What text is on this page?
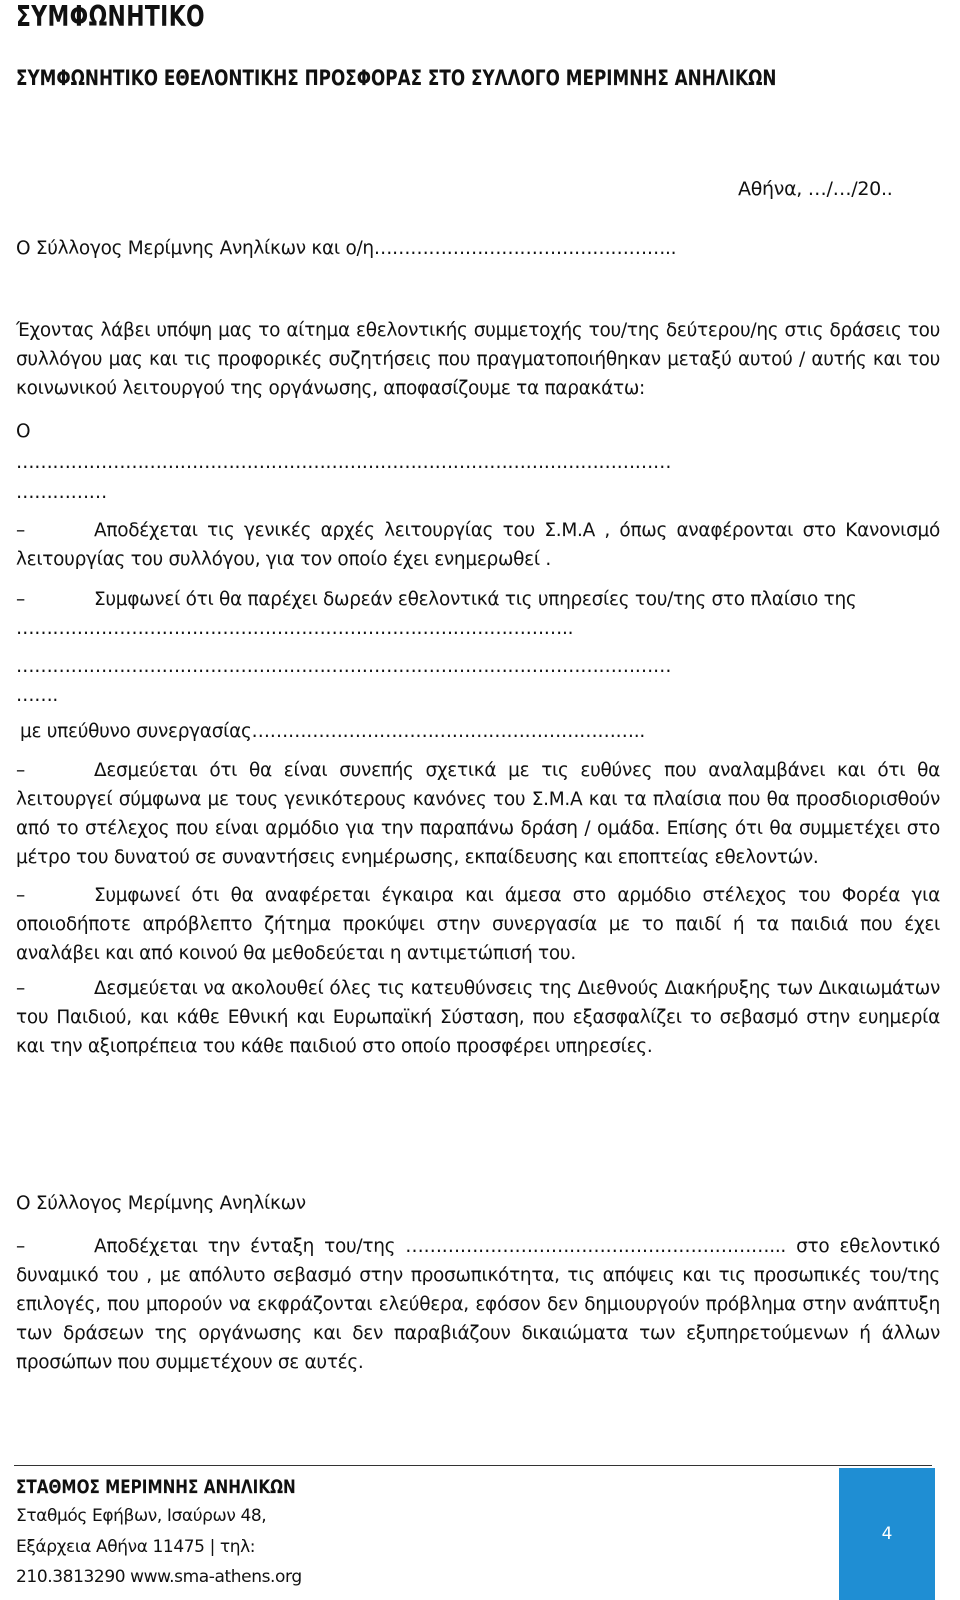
ΣΥΜΦΩΝΗΤΙΚΟ
ΣΥΜΦΩΝΗΤΙΚΟ ΕΘΕΛΟΝΤΙΚΗΣ ΠΡΟΣΦΟΡΑΣ ΣΤΟ ΣΥΛΛΟΓΟ ΜΕΡΙΜΝΗΣ ΑΝΗΛΙΚΩΝ
Αθήνα, …/…/20..

Ο Σύλλογος Μερίμνης Ανηλίκων και ο/η…………………………………………..

Έχοντας λάβει υπόψη μας το αίτημα εθελοντικής συμμετοχής του/της δεύτερου/ης στις δράσεις του συλλόγου μας και τις προφορικές συζητήσεις που πραγματοποιήθηκαν μεταξύ αυτού / αυτής και του κοινωνικού λειτουργού της οργάνωσης, αποφασίζουμε τα παρακάτω:

Ο

………………………………………………………………………………………………

……………

–	Αποδέχεται τις γενικές αρχές λειτουργίας του Σ.Μ.Α , όπως αναφέρονται στο Κανονισμό λειτουργίας του συλλόγου, για τον οποίο έχει ενημερωθεί .

–	Συμφωνεί ότι θα παρέχει δωρεάν εθελοντικά τις υπηρεσίες του/της στο πλαίσιο της

………………………………………………………………………………..

………………………………………………………………………………………………

…….

με υπεύθυνο συνεργασίας………………………………………………………..

–	Δεσμεύεται ότι θα είναι συνεπής σχετικά με τις ευθύνες που αναλαμβάνει και ότι θα λειτουργεί σύμφωνα με τους γενικότερους κανόνες του Σ.Μ.Α και τα πλαίσια που θα προσδιορισθούν από το στέλεχος που είναι αρμόδιο για την παραπάνω δράση / ομάδα. Επίσης ότι θα συμμετέχει στο μέτρο του δυνατού σε συναντήσεις ενημέρωσης, εκπαίδευσης και εποπτείας εθελοντών.

–	Συμφωνεί ότι θα αναφέρεται έγκαιρα και άμεσα στο αρμόδιο στέλεχος του Φορέα για οποιοδήποτε απρόβλεπτο ζήτημα προκύψει στην συνεργασία με το παιδί ή τα παιδιά που έχει αναλάβει και από κοινού θα μεθοδεύεται η αντιμετώπισή του.

–	Δεσμεύεται να ακολουθεί όλες τις κατευθύνσεις της Διεθνούς Διακήρυξης των Δικαιωμάτων του Παιδιού, και κάθε Εθνική και Ευρωπαϊκή Σύσταση, που εξασφαλίζει το σεβασμό στην ευημερία και την αξιοπρέπεια του κάθε παιδιού στο οποίο προσφέρει υπηρεσίες.

Ο Σύλλογος Μερίμνης Ανηλίκων

–	Αποδέχεται την ένταξη του/της ……………………………………………………... στο εθελοντικό δυναμικό του , με απόλυτο σεβασμό στην προσωπικότητα, τις απόψεις και τις προσωπικές του/της επιλογές, που μπορούν να εκφράζονται ελεύθερα, εφόσον δεν δημιουργούν πρόβλημα στην ανάπτυξη των δράσεων της οργάνωσης και δεν παραβιάζουν δικαιώματα των εξυπηρετούμενων ή άλλων προσώπων που συμμετέχουν σε αυτές.

ΣΤΑΘΜΟΣ ΜΕΡΙΜΝΗΣ ΑΝΗΛΙΚΩΝ
Σταθμός Εφήβων, Ισαύρων 48,
Εξάρχεια Αθήνα 11475 | τηλ:
210.3813290 www.sma-athens.org
4
